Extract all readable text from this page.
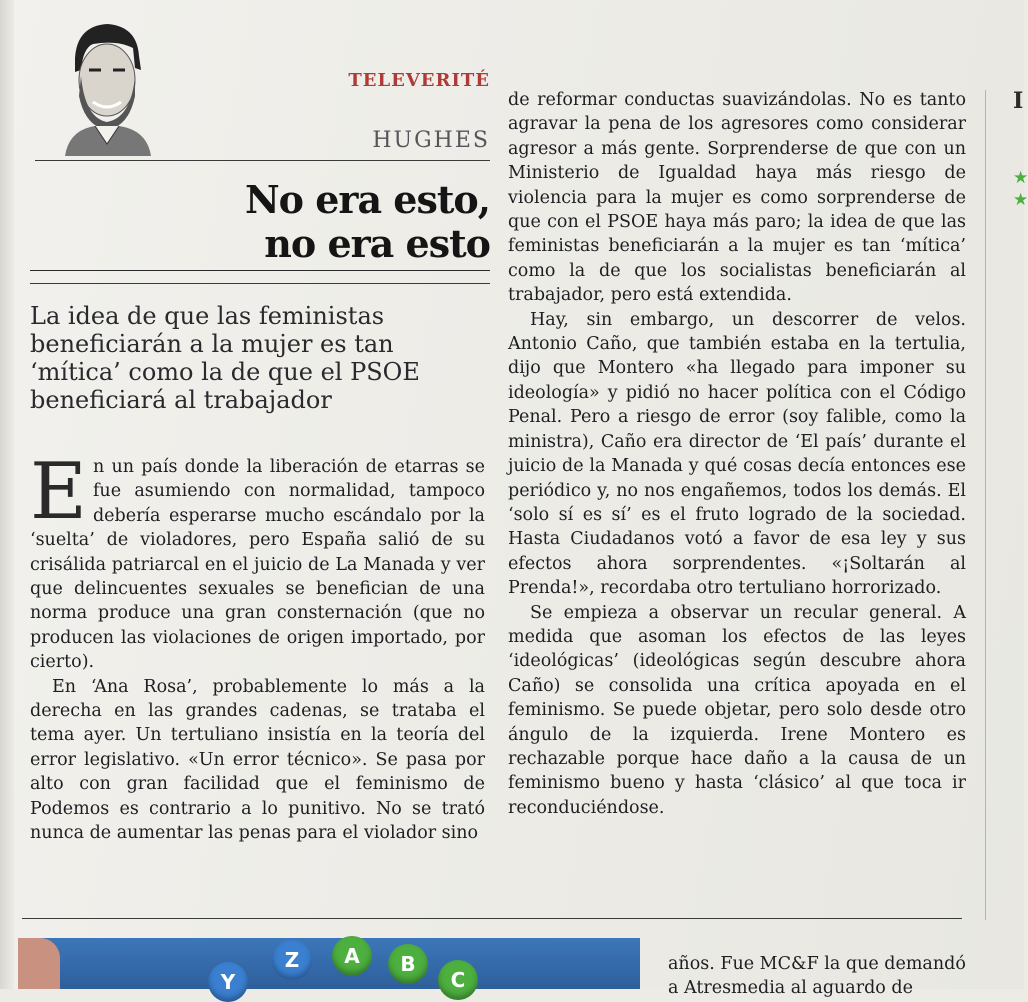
TELEVERITÉ
HUGHES
No era esto,
no era esto
La idea de que las feministas beneficiarán a la mujer es tan ‘mítica’ como la de que el PSOE beneficiará al trabajador

En un país donde la liberación de etarras se fue asumiendo con normalidad, tampoco debería esperarse mucho escándalo por la ‘suelta’ de violadores, pero España salió de su crisálida patriarcal en el juicio de La Manada y ver que delincuentes sexuales se benefician de una norma produce una gran consternación (que no producen las violaciones de origen importado, por cierto).

En ‘Ana Rosa’, probablemente lo más a la derecha en las grandes cadenas, se trataba el tema ayer. Un tertuliano insistía en la teoría del error legislativo. «Un error técnico». Se pasa por alto con gran facilidad que el feminismo de Podemos es contrario a lo punitivo. No se trató nunca de aumentar las penas para el violador sino

de reformar conductas suavizándolas. No es tanto agravar la pena de los agresores como considerar agresor a más gente. Sorprenderse de que con un Ministerio de Igualdad haya más riesgo de violencia para la mujer es como sorprenderse de que con el PSOE haya más paro; la idea de que las feministas beneficiarán a la mujer es tan ‘mítica’ como la de que los socialistas beneficiarán al trabajador, pero está extendida.

Hay, sin embargo, un descorrer de velos. Antonio Caño, que también estaba en la tertulia, dijo que Montero «ha llegado para imponer su ideología» y pidió no hacer política con el Código Penal. Pero a riesgo de error (soy falible, como la ministra), Caño era director de ‘El país’ durante el juicio de la Manada y qué cosas decía entonces ese periódico y, no nos engañemos, todos los demás. El ‘solo sí es sí’ es el fruto logrado de la sociedad. Hasta Ciudadanos votó a favor de esa ley y sus efectos ahora sorprendentes. «¡Soltarán al Prenda!», recordaba otro tertuliano horrorizado.

Se empieza a observar un recular general. A medida que asoman los efectos de las leyes ‘ideológicas’ (ideológicas según descubre ahora Caño) se consolida una crítica apoyada en el feminismo. Se puede objetar, pero solo desde otro ángulo de la izquierda. Irene Montero es rechazable porque hace daño a la causa de un feminismo bueno y hasta ‘clásico’ al que toca ir reconduciéndose.

I
★
★
Y
Z	A	B
C
años. Fue MC&F la que demandó a Atresmedia al aguardo de
